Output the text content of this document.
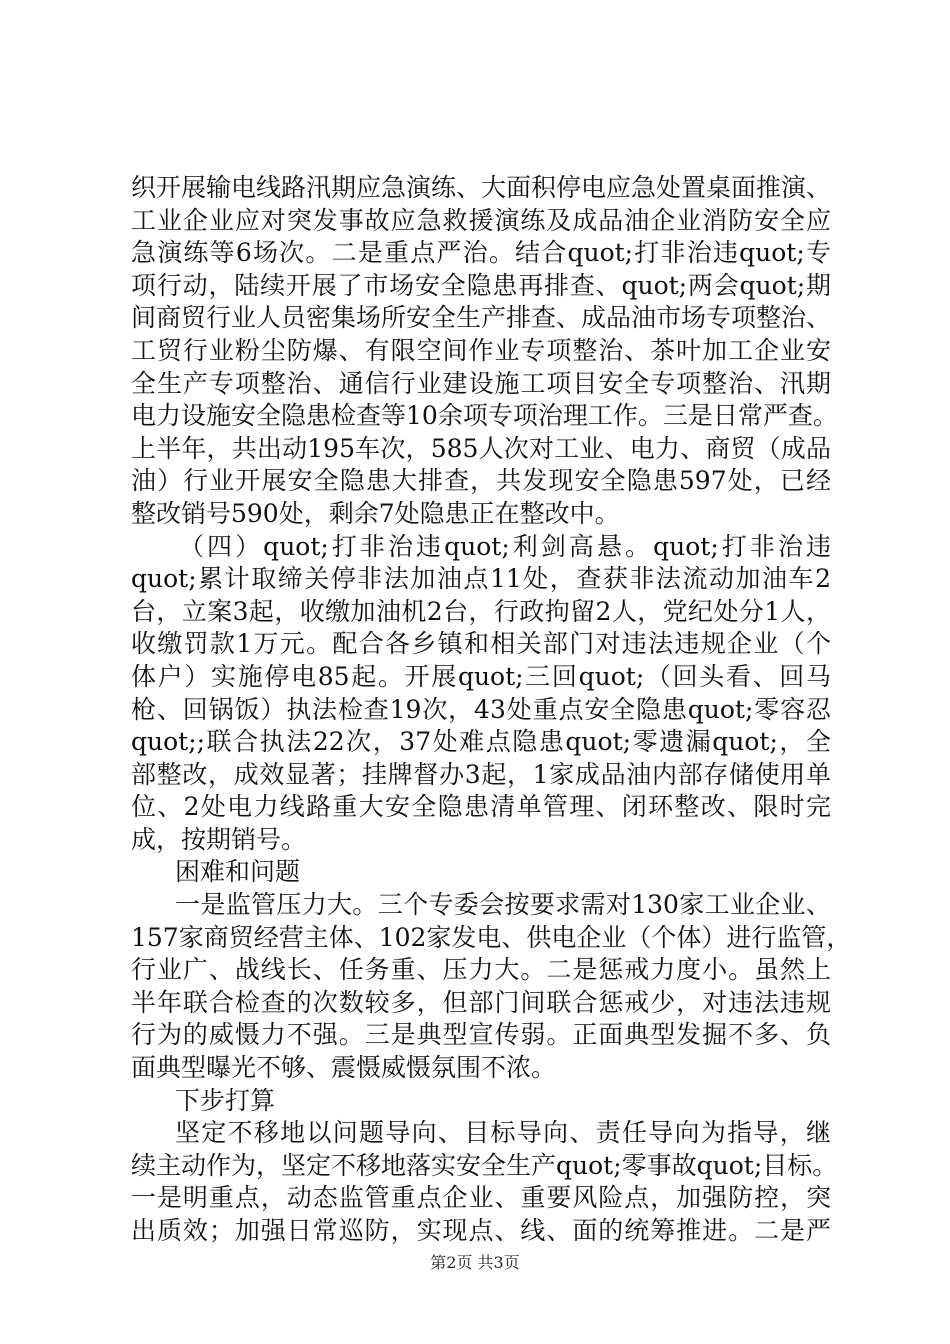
织开展输电线路汛期应急演练、大面积停电应急处置桌面推演、
工业企业应对突发事故应急救援演练及成品油企业消防安全应
急演练等6场次。二是重点严治。结合quot;打非治违quot;专
项行动，陆续开展了市场安全隐患再排查、quot;两会quot;期
间商贸行业人员密集场所安全生产排查、成品油市场专项整治、
工贸行业粉尘防爆、有限空间作业专项整治、茶叶加工企业安
全生产专项整治、通信行业建设施工项目安全专项整治、汛期
电力设施安全隐患检查等10余项专项治理工作。三是日常严查。
上半年，共出动195车次，585人次对工业、电力、商贸（成品
油）行业开展安全隐患大排查，共发现安全隐患597处，已经
整改销号590处，剩余7处隐患正在整改中。
（四）quot;打非治违quot;利剑高悬。quot;打非治违
quot;累计取缔关停非法加油点11处，查获非法流动加油车2
台，立案3起，收缴加油机2台，行政拘留2人，党纪处分1人，
收缴罚款1万元。配合各乡镇和相关部门对违法违规企业（个
体户）实施停电85起。开展quot;三回quot;（回头看、回马
枪、回锅饭）执法检查19次，43处重点安全隐患quot;零容忍
quot;;联合执法22次，37处难点隐患quot;零遗漏quot;，全
部整改，成效显著；挂牌督办3起，1家成品油内部存储使用单
位、2处电力线路重大安全隐患清单管理、闭环整改、限时完
成，按期销号。
困难和问题
一是监管压力大。三个专委会按要求需对130家工业企业、
157家商贸经营主体、102家发电、供电企业（个体）进行监管，
行业广、战线长、任务重、压力大。二是惩戒力度小。虽然上
半年联合检查的次数较多，但部门间联合惩戒少，对违法违规
行为的威慑力不强。三是典型宣传弱。正面典型发掘不多、负
面典型曝光不够、震慑威慑氛围不浓。
下步打算
坚定不移地以问题导向、目标导向、责任导向为指导，继
续主动作为，坚定不移地落实安全生产quot;零事故quot;目标。
一是明重点，动态监管重点企业、重要风险点，加强防控，突
出质效；加强日常巡防，实现点、线、面的统筹推进。二是严
第2页 共3页
